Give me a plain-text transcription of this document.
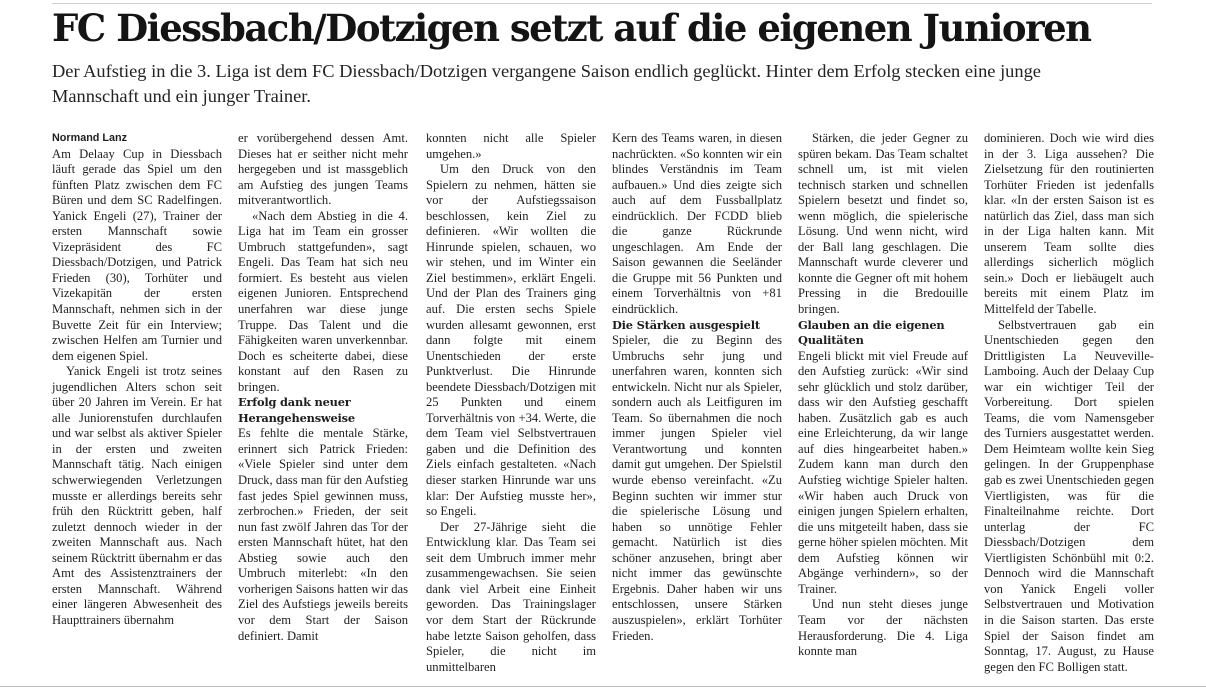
FC Diessbach/Dotzigen setzt auf die eigenen Junioren

Der Aufstieg in die 3. Liga ist dem FC Diessbach/Dotzigen vergangene Saison endlich geglückt. Hinter dem Erfolg stecken eine junge Mannschaft und ein junger Trainer.

Normand Lanz

Am Delaay Cup in Diessbach läuft gerade das Spiel um den fünften Platz zwischen dem FC Büren und dem SC Radelfingen. Yanick Engeli (27), Trainer der ersten Mannschaft sowie Vizepräsident des FC Diessbach/Dotzigen, und Patrick Frieden (30), Torhüter und Vizekapitän der ersten Mannschaft, nehmen sich in der Buvette Zeit für ein Interview; zwischen Helfen am Turnier und dem eigenen Spiel.

Yanick Engeli ist trotz seines jugendlichen Alters schon seit über 20 Jahren im Verein. Er hat alle Juniorenstufen durchlaufen und war selbst als aktiver Spieler in der ersten und zweiten Mannschaft tätig. Nach einigen schwerwiegenden Verletzungen musste er allerdings bereits sehr früh den Rücktritt geben, half zuletzt dennoch wieder in der zweiten Mannschaft aus. Nach seinem Rücktritt übernahm er das Amt des Assistenztrainers der ersten Mannschaft. Während einer längeren Abwesenheit des Haupttrainers übernahm

er vorübergehend dessen Amt. Dieses hat er seither nicht mehr hergegeben und ist massgeblich am Aufstieg des jungen Teams mitverantwortlich.

«Nach dem Abstieg in die 4. Liga hat im Team ein grosser Umbruch stattgefunden», sagt Engeli. Das Team hat sich neu formiert. Es besteht aus vielen eigenen Junioren. Entsprechend unerfahren war diese junge Truppe. Das Talent und die Fähigkeiten waren unverkennbar. Doch es scheiterte dabei, diese konstant auf den Rasen zu bringen.

Erfolg dank neuer Herangehensweise

Es fehlte die mentale Stärke, erinnert sich Patrick Frieden: «Viele Spieler sind unter dem Druck, dass man für den Aufstieg fast jedes Spiel gewinnen muss, zerbrochen.» Frieden, der seit nun fast zwölf Jahren das Tor der ersten Mannschaft hütet, hat den Abstieg sowie auch den Umbruch miterlebt: «In den vorherigen Saisons hatten wir das Ziel des Aufstiegs jeweils bereits vor dem Start der Saison definiert. Damit

konnten nicht alle Spieler umgehen.»

Um den Druck von den Spielern zu nehmen, hätten sie vor der Aufstiegssaison beschlossen, kein Ziel zu definieren. «Wir wollten die Hinrunde spielen, schauen, wo wir stehen, und im Winter ein Ziel bestimmen», erklärt Engeli. Und der Plan des Trainers ging auf. Die ersten sechs Spiele wurden allesamt gewonnen, erst dann folgte mit einem Unentschieden der erste Punktverlust. Die Hinrunde beendete Diessbach/Dotzigen mit 25 Punkten und einem Torverhältnis von +34. Werte, die dem Team viel Selbstvertrauen gaben und die Definition des Ziels einfach gestalteten. «Nach dieser starken Hinrunde war uns klar: Der Aufstieg musste her», so Engeli.

Der 27-Jährige sieht die Entwicklung klar. Das Team sei seit dem Umbruch immer mehr zusammengewachsen. Sie seien dank viel Arbeit eine Einheit geworden. Das Trainingslager vor dem Start der Rückrunde habe letzte Saison geholfen, dass Spieler, die nicht im unmittelbaren

Kern des Teams waren, in diesen nachrückten. «So konnten wir ein blindes Verständnis im Team aufbauen.» Und dies zeigte sich auch auf dem Fussballplatz eindrücklich. Der FCDD blieb die ganze Rückrunde ungeschlagen. Am Ende der Saison gewannen die Seeländer die Gruppe mit 56 Punkten und einem Torverhältnis von +81 eindrücklich.

Die Stärken ausgespielt

Spieler, die zu Beginn des Umbruchs sehr jung und unerfahren waren, konnten sich entwickeln. Nicht nur als Spieler, sondern auch als Leitfiguren im Team. So übernahmen die noch immer jungen Spieler viel Verantwortung und konnten damit gut umgehen. Der Spielstil wurde ebenso vereinfacht. «Zu Beginn suchten wir immer stur die spielerische Lösung und haben so unnötige Fehler gemacht. Natürlich ist dies schöner anzusehen, bringt aber nicht immer das gewünschte Ergebnis. Daher haben wir uns entschlossen, unsere Stärken auszuspielen», erklärt Torhüter Frieden.

Stärken, die jeder Gegner zu spüren bekam. Das Team schaltet schnell um, ist mit vielen technisch starken und schnellen Spielern besetzt und findet so, wenn möglich, die spielerische Lösung. Und wenn nicht, wird der Ball lang geschlagen. Die Mannschaft wurde cleverer und konnte die Gegner oft mit hohem Pressing in die Bredouille bringen.

Glauben an die eigenen Qualitäten

Engeli blickt mit viel Freude auf den Aufstieg zurück: «Wir sind sehr glücklich und stolz darüber, dass wir den Aufstieg geschafft haben. Zusätzlich gab es auch eine Erleichterung, da wir lange auf dies hingearbeitet haben.» Zudem kann man durch den Aufstieg wichtige Spieler halten. «Wir haben auch Druck von einigen jungen Spielern erhalten, die uns mitgeteilt haben, dass sie gerne höher spielen möchten. Mit dem Aufstieg können wir Abgänge verhindern», so der Trainer.

Und nun steht dieses junge Team vor der nächsten Herausforderung. Die 4. Liga konnte man

dominieren. Doch wie wird dies in der 3. Liga aussehen? Die Zielsetzung für den routinierten Torhüter Frieden ist jedenfalls klar. «In der ersten Saison ist es natürlich das Ziel, dass man sich in der Liga halten kann. Mit unserem Team sollte dies allerdings sicherlich möglich sein.» Doch er liebäugelt auch bereits mit einem Platz im Mittelfeld der Tabelle.

Selbstvertrauen gab ein Unentschieden gegen den Drittligisten La Neuveville-Lamboing. Auch der Delaay Cup war ein wichtiger Teil der Vorbereitung. Dort spielen Teams, die vom Namensgeber des Turniers ausgestattet werden. Dem Heimteam wollte kein Sieg gelingen. In der Gruppenphase gab es zwei Unentschieden gegen Viertligisten, was für die Finalteilnahme reichte. Dort unterlag der FC Diessbach/Dotzigen dem Viertligisten Schönbühl mit 0:2. Dennoch wird die Mannschaft von Yanick Engeli voller Selbstvertrauen und Motivation in die Saison starten. Das erste Spiel der Saison findet am Sonntag, 17. August, zu Hause gegen den FC Bolligen statt.
